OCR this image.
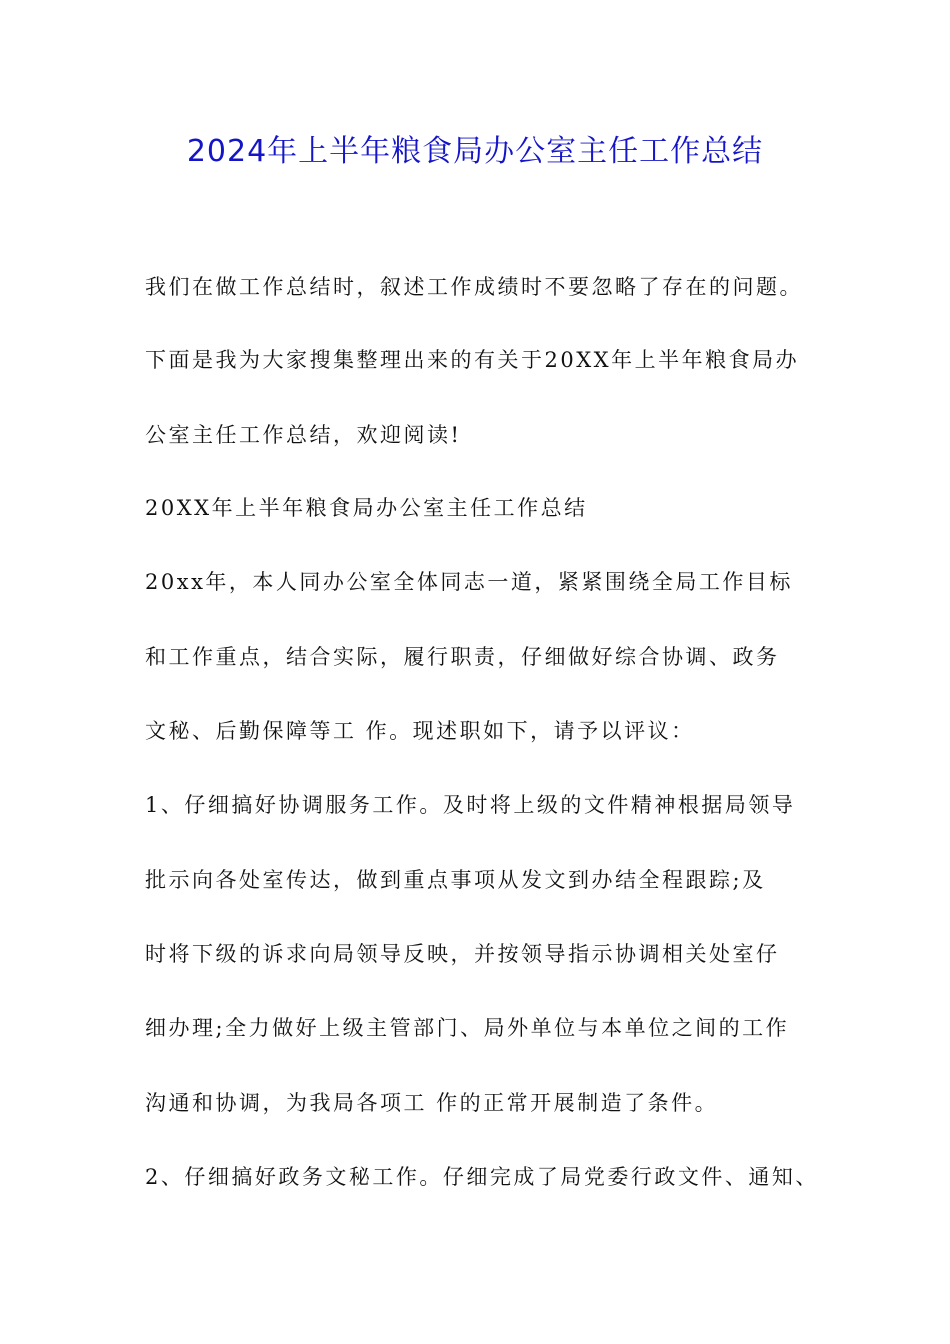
2024年上半年粮食局办公室主任工作总结
我们在做工作总结时，叙述工作成绩时不要忽略了存在的问题。
下面是我为大家搜集整理出来的有关于20XX年上半年粮食局办
公室主任工作总结，欢迎阅读!
20XX年上半年粮食局办公室主任工作总结
20xx年，本人同办公室全体同志一道，紧紧围绕全局工作目标
和工作重点，结合实际，履行职责，仔细做好综合协调、政务
文秘、后勤保障等工 作。现述职如下，请予以评议：
1、仔细搞好协调服务工作。及时将上级的文件精神根据局领导
批示向各处室传达，做到重点事项从发文到办结全程跟踪;及
时将下级的诉求向局领导反映，并按领导指示协调相关处室仔
细办理;全力做好上级主管部门、局外单位与本单位之间的工作
沟通和协调，为我局各项工 作的正常开展制造了条件。
2、仔细搞好政务文秘工作。仔细完成了局党委行政文件、通知、
